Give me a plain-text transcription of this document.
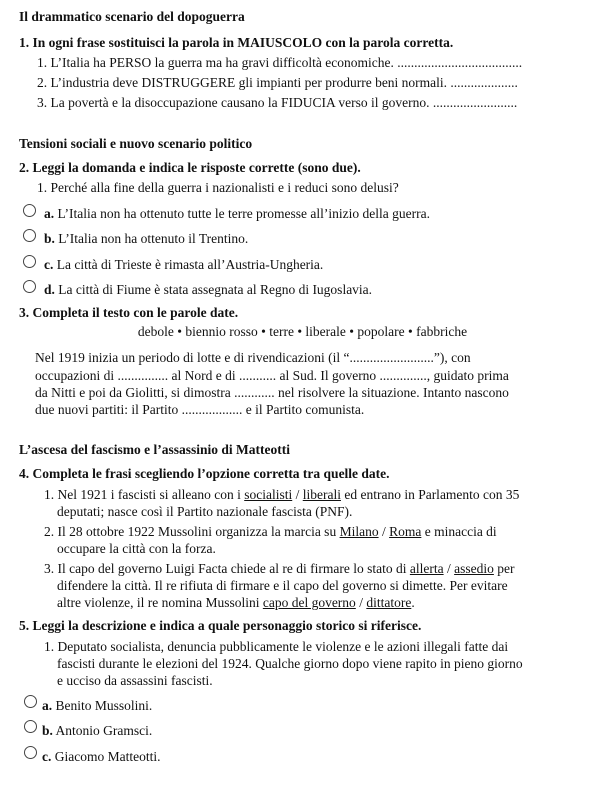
Il drammatico scenario del dopoguerra
1. In ogni frase sostituisci la parola in MAIUSCOLO con la parola corretta.
1. L’Italia ha PERSO la guerra ma ha gravi difficoltà economiche. .....................................
2. L’industria deve DISTRUGGERE gli impianti per produrre beni normali. ....................
3. La povertà e la disoccupazione causano la FIDUCIA verso il governo. .........................
Tensioni sociali e nuovo scenario politico
2. Leggi la domanda e indica le risposte corrette (sono due).
1. Perché alla fine della guerra i nazionalisti e i reduci sono delusi?
a. L’Italia non ha ottenuto tutte le terre promesse all’inizio della guerra.
b. L’Italia non ha ottenuto il Trentino.
c. La città di Trieste è rimasta all’Austria-Ungheria.
d. La città di Fiume è stata assegnata al Regno di Iugoslavia.
3. Completa il testo con le parole date.
debole • biennio rosso • terre • liberale • popolare • fabbriche
Nel 1919 inizia un periodo di lotte e di rivendicazioni (il “.........................”), con
occupazioni di ............... al Nord e di ........... al Sud. Il governo .............., guidato prima
da Nitti e poi da Giolitti, si dimostra ............ nel risolvere la situazione. Intanto nascono
due nuovi partiti: il Partito .................. e il Partito comunista.
L’ascesa del fascismo e l’assassinio di Matteotti
4. Completa le frasi scegliendo l’opzione corretta tra quelle date.
1. Nel 1921 i fascisti si alleano con i socialisti / liberali ed entrano in Parlamento con 35
deputati; nasce così il Partito nazionale fascista (PNF).
2. Il 28 ottobre 1922 Mussolini organizza la marcia su Milano / Roma e minaccia di
occupare la città con la forza.
3. Il capo del governo Luigi Facta chiede al re di firmare lo stato di allerta / assedio per
difendere la città. Il re rifiuta di firmare e il capo del governo si dimette. Per evitare
altre violenze, il re nomina Mussolini capo del governo / dittatore.
5. Leggi la descrizione e indica a quale personaggio storico si riferisce.
1. Deputato socialista, denuncia pubblicamente le violenze e le azioni illegali fatte dai
fascisti durante le elezioni del 1924. Qualche giorno dopo viene rapito in pieno giorno
e ucciso da assassini fascisti.
a. Benito Mussolini.
b. Antonio Gramsci.
c. Giacomo Matteotti.
